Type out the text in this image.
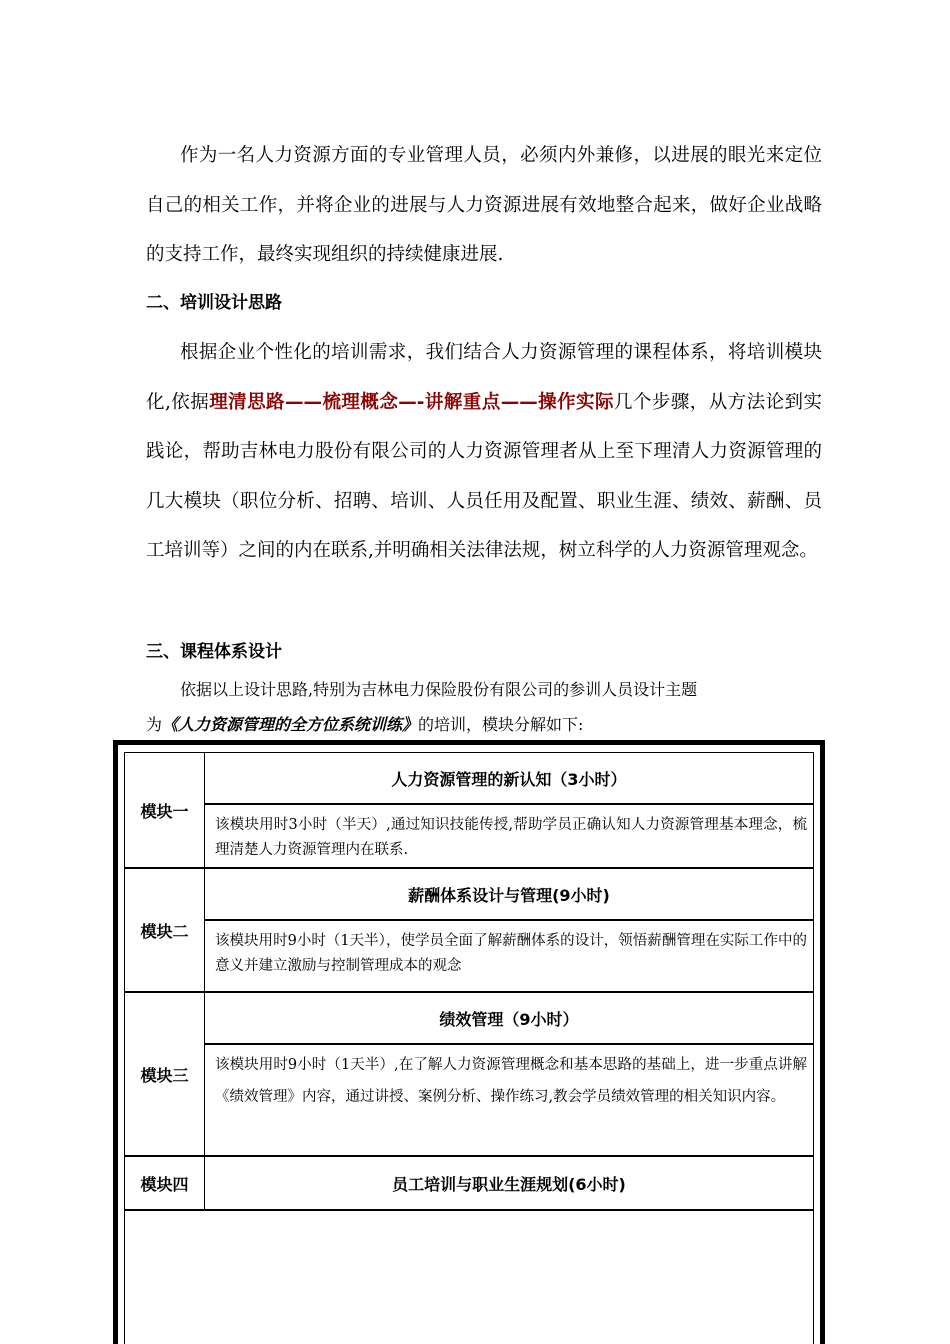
作为一名人力资源方面的专业管理人员，必须内外兼修，以进展的眼光来定位自己的相关工作，并将企业的进展与人力资源进展有效地整合起来，做好企业战略的支持工作，最终实现组织的持续健康进展.

二、培训设计思路

根据企业个性化的培训需求，我们结合人力资源管理的课程体系，将培训模块化,依据理清思路——梳理概念—-讲解重点——操作实际几个步骤，从方法论到实践论，帮助吉林电力股份有限公司的人力资源管理者从上至下理清人力资源管理的几大模块（职位分析、招聘、培训、人员任用及配置、职业生涯、绩效、薪酬、员工培训等）之间的内在联系,并明确相关法律法规，树立科学的人力资源管理观念。

三、课程体系设计

依据以上设计思路,特别为吉林电力保险股份有限公司的参训人员设计主题
为《人力资源管理的全方位系统训练》的培训，模块分解如下:
模块一
人力资源管理的新认知（3小时）
该模块用时3小时（半天）,通过知识技能传授,帮助学员正确认知人力资源管理基本理念，梳理清楚人力资源管理内在联系.
模块二
薪酬体系设计与管理(9小时)
该模块用时9小时（1天半），使学员全面了解薪酬体系的设计，领悟薪酬管理在实际工作中的意义并建立激励与控制管理成本的观念
模块三
绩效管理（9小时）
该模块用时9小时（1天半）,在了解人力资源管理概念和基本思路的基础上，进一步重点讲解《绩效管理》内容，通过讲授、案例分析、操作练习,教会学员绩效管理的相关知识内容。
模块四	员工培训与职业生涯规划(6小时)
